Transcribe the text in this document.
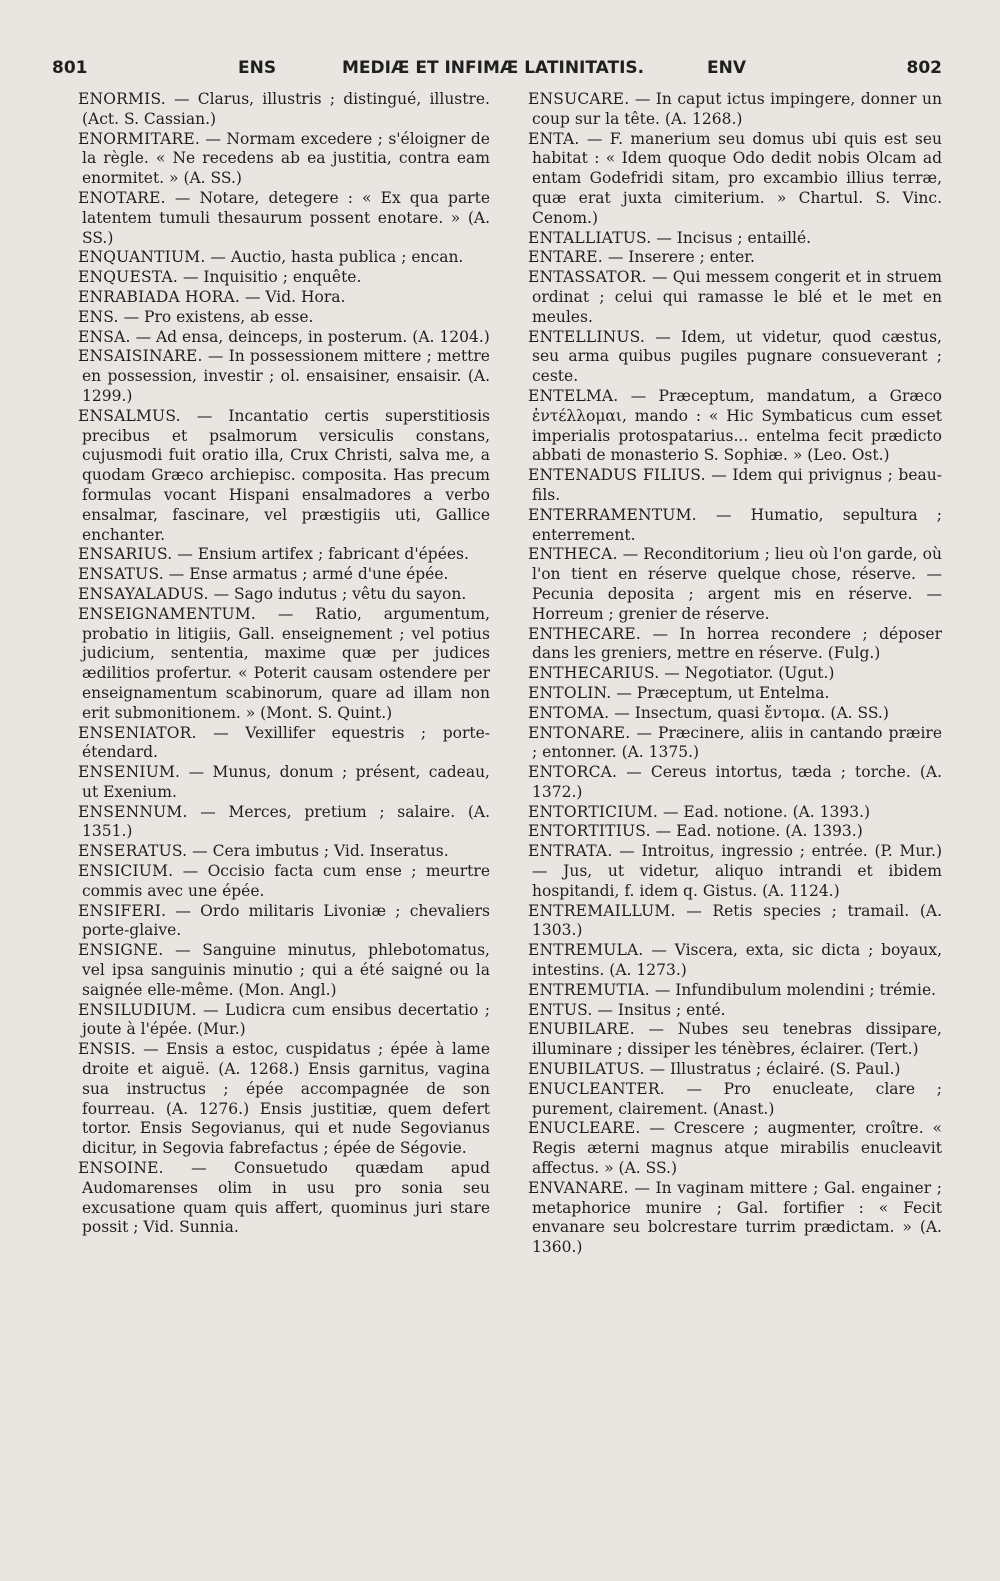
801	ENS	MEDIÆ ET INFIMÆ LATINITATIS.	ENV	802
ENORMIS. — Clarus, illustris ; distingué, illustre. (Act. S. Cassian.)
ENORMITARE. — Normam excedere ; s'éloigner de la règle. « Ne recedens ab ea justitia, contra eam enormitet. » (A. SS.)
ENOTARE. — Notare, detegere : « Ex qua parte latentem tumuli thesaurum possent enotare. » (A. SS.)
ENQUANTIUM. — Auctio, hasta publica ; encan.
ENQUESTA. — Inquisitio ; enquête.
ENRABIADA HORA. — Vid. Hora.
ENS. — Pro existens, ab esse.
ENSA. — Ad ensa, deinceps, in posterum. (A. 1204.)
ENSAISINARE. — In possessionem mittere ; mettre en possession, investir ; ol. ensaisiner, ensaisir. (A. 1299.)
ENSALMUS. — Incantatio certis superstitiosis precibus et psalmorum versiculis constans, cujusmodi fuit oratio illa, Crux Christi, salva me, a quodam Græco archiepisc. composita. Has precum formulas vocant Hispani ensalmadores a verbo ensalmar, fascinare, vel præstigiis uti, Gallice enchanter.
ENSARIUS. — Ensium artifex ; fabricant d'épées.
ENSATUS. — Ense armatus ; armé d'une épée.
ENSAYALADUS. — Sago indutus ; vêtu du sayon.
ENSEIGNAMENTUM. — Ratio, argumentum, probatio in litigiis, Gall. enseignement ; vel potius judicium, sententia, maxime quæ per judices ædilitios profertur. « Poterit causam ostendere per enseignamentum scabinorum, quare ad illam non erit submonitionem. » (Mont. S. Quint.)
ENSENIATOR. — Vexillifer equestris ; porte-étendard.
ENSENIUM. — Munus, donum ; présent, cadeau, ut Exenium.
ENSENNUM. — Merces, pretium ; salaire. (A. 1351.)
ENSERATUS. — Cera imbutus ; Vid. Inseratus.
ENSICIUM. — Occisio facta cum ense ; meurtre commis avec une épée.
ENSIFERI. — Ordo militaris Livoniæ ; chevaliers porte-glaive.
ENSIGNE. — Sanguine minutus, phlebotomatus, vel ipsa sanguinis minutio ; qui a été saigné ou la saignée elle-même. (Mon. Angl.)
ENSILUDIUM. — Ludicra cum ensibus decertatio ; joute à l'épée. (Mur.)
ENSIS. — Ensis a estoc, cuspidatus ; épée à lame droite et aiguë. (A. 1268.) Ensis garnitus, vagina sua instructus ; épée accompagnée de son fourreau. (A. 1276.) Ensis justitiæ, quem defert tortor. Ensis Segovianus, qui et nude Segovianus dicitur, in Segovia fabrefactus ; épée de Ségovie.
ENSOINE. — Consuetudo quædam apud Audomarenses olim in usu pro sonia seu excusatione quam quis affert, quominus juri stare possit ; Vid. Sunnia.
ENSUCARE. — In caput ictus impingere, donner un coup sur la tête. (A. 1268.)
ENTA. — F. manerium seu domus ubi quis est seu habitat : « Idem quoque Odo dedit nobis Olcam ad entam Godefridi sitam, pro excambio illius terræ, quæ erat juxta cimiterium. » Chartul. S. Vinc. Cenom.)
ENTALLIATUS. — Incisus ; entaillé.
ENTARE. — Inserere ; enter.
ENTASSATOR. — Qui messem congerit et in struem ordinat ; celui qui ramasse le blé et le met en meules.
ENTELLINUS. — Idem, ut videtur, quod cæstus, seu arma quibus pugiles pugnare consueverant ; ceste.
ENTELMA. — Præceptum, mandatum, a Græco ἐντέλλομαι, mando : « Hic Symbaticus cum esset imperialis protospatarius... entelma fecit prædicto abbati de monasterio S. Sophiæ. » (Leo. Ost.)
ENTENADUS FILIUS. — Idem qui privignus ; beau-fils.
ENTERRAMENTUM. — Humatio, sepultura ; enterrement.
ENTHECA. — Reconditorium ; lieu où l'on garde, où l'on tient en réserve quelque chose, réserve. — Pecunia deposita ; argent mis en réserve. — Horreum ; grenier de réserve.
ENTHECARE. — In horrea recondere ; déposer dans les greniers, mettre en réserve. (Fulg.)
ENTHECARIUS. — Negotiator. (Ugut.)
ENTOLIN. — Præceptum, ut Entelma.
ENTOMA. — Insectum, quasi ἔντομα. (A. SS.)
ENTONARE. — Præcinere, aliis in cantando præire ; entonner. (A. 1375.)
ENTORCA. — Cereus intortus, tæda ; torche. (A. 1372.)
ENTORTICIUM. — Ead. notione. (A. 1393.)
ENTORTITIUS. — Ead. notione. (A. 1393.)
ENTRATA. — Introitus, ingressio ; entrée. (P. Mur.) — Jus, ut videtur, aliquo intrandi et ibidem hospitandi, f. idem q. Gistus. (A. 1124.)
ENTREMAILLUM. — Retis species ; tramail. (A. 1303.)
ENTREMULA. — Viscera, exta, sic dicta ; boyaux, intestins. (A. 1273.)
ENTREMUTIA. — Infundibulum molendini ; trémie.
ENTUS. — Insitus ; enté.
ENUBILARE. — Nubes seu tenebras dissipare, illuminare ; dissiper les ténèbres, éclairer. (Tert.)
ENUBILATUS. — Illustratus ; éclairé. (S. Paul.)
ENUCLEANTER. — Pro enucleate, clare ; purement, clairement. (Anast.)
ENUCLEARE. — Crescere ; augmenter, croître. « Regis æterni magnus atque mirabilis enucleavit affectus. » (A. SS.)
ENVANARE. — In vaginam mittere ; Gal. engainer ; metaphorice munire ; Gal. fortifier : « Fecit envanare seu bolcrestare turrim prædictam. » (A. 1360.)
